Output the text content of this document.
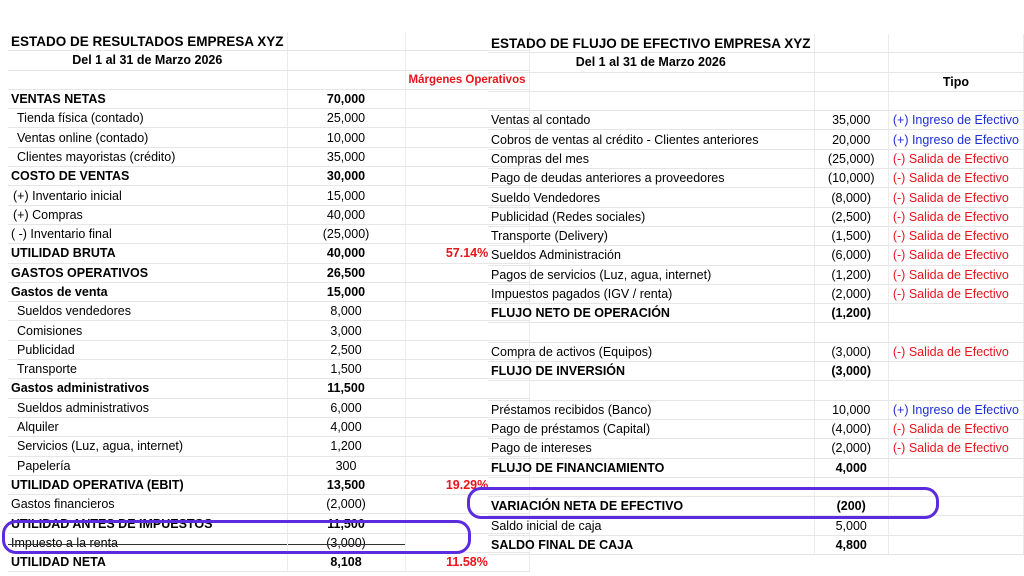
ESTADO DE RESULTADOS EMPRESA XYZ		
Del 1 al 31 de Marzo 2026		
		Márgenes Operativos
VENTAS NETAS	70,000	
Tienda física (contado)	25,000	
Ventas online (contado)	10,000	
Clientes mayoristas (crédito)	35,000	
COSTO DE VENTAS	30,000	
(+) Inventario inicial	15,000	
(+) Compras	40,000	
( -) Inventario final	(25,000)	
UTILIDAD BRUTA	40,000	57.14%
GASTOS OPERATIVOS	26,500	
Gastos de venta	15,000	
Sueldos vendedores	8,000	
Comisiones	3,000	
Publicidad	2,500	
Transporte	1,500	
Gastos administrativos	11,500	
Sueldos administrativos	6,000	
Alquiler	4,000	
Servicios (Luz, agua, internet)	1,200	
Papelería	300	
UTILIDAD OPERATIVA (EBIT)	13,500	19.29%
Gastos financieros	(2,000)	
UTILIDAD ANTES DE IMPUESTOS	11,500	
Impuesto a la renta	(3,000)	
UTILIDAD NETA	8,108	11.58%
ESTADO DE FLUJO DE EFECTIVO EMPRESA XYZ		
Del 1 al 31 de Marzo 2026		
		Tipo

Ventas al contado	35,000	(+) Ingreso de Efectivo
Cobros de ventas al crédito - Clientes anteriores	20,000	(+) Ingreso de Efectivo
Compras del mes	(25,000)	(-) Salida de Efectivo
Pago de deudas anteriores a proveedores	(10,000)	(-) Salida de Efectivo
Sueldo Vendedores	(8,000)	(-) Salida de Efectivo
Publicidad (Redes sociales)	(2,500)	(-) Salida de Efectivo
Transporte (Delivery)	(1,500)	(-) Salida de Efectivo
Sueldos Administración	(6,000)	(-) Salida de Efectivo
Pagos de servicios (Luz, agua, internet)	(1,200)	(-) Salida de Efectivo
Impuestos pagados (IGV / renta)	(2,000)	(-) Salida de Efectivo
FLUJO NETO DE OPERACIÓN	(1,200)	

Compra de activos (Equipos)	(3,000)	(-) Salida de Efectivo
FLUJO DE INVERSIÓN	(3,000)	

Préstamos recibidos (Banco)	10,000	(+) Ingreso de Efectivo
Pago de préstamos (Capital)	(4,000)	(-) Salida de Efectivo
Pago de intereses	(2,000)	(-) Salida de Efectivo
FLUJO DE FINANCIAMIENTO	4,000	

VARIACIÓN NETA DE EFECTIVO	(200)	
Saldo inicial de caja	5,000	
SALDO FINAL DE CAJA	4,800	
